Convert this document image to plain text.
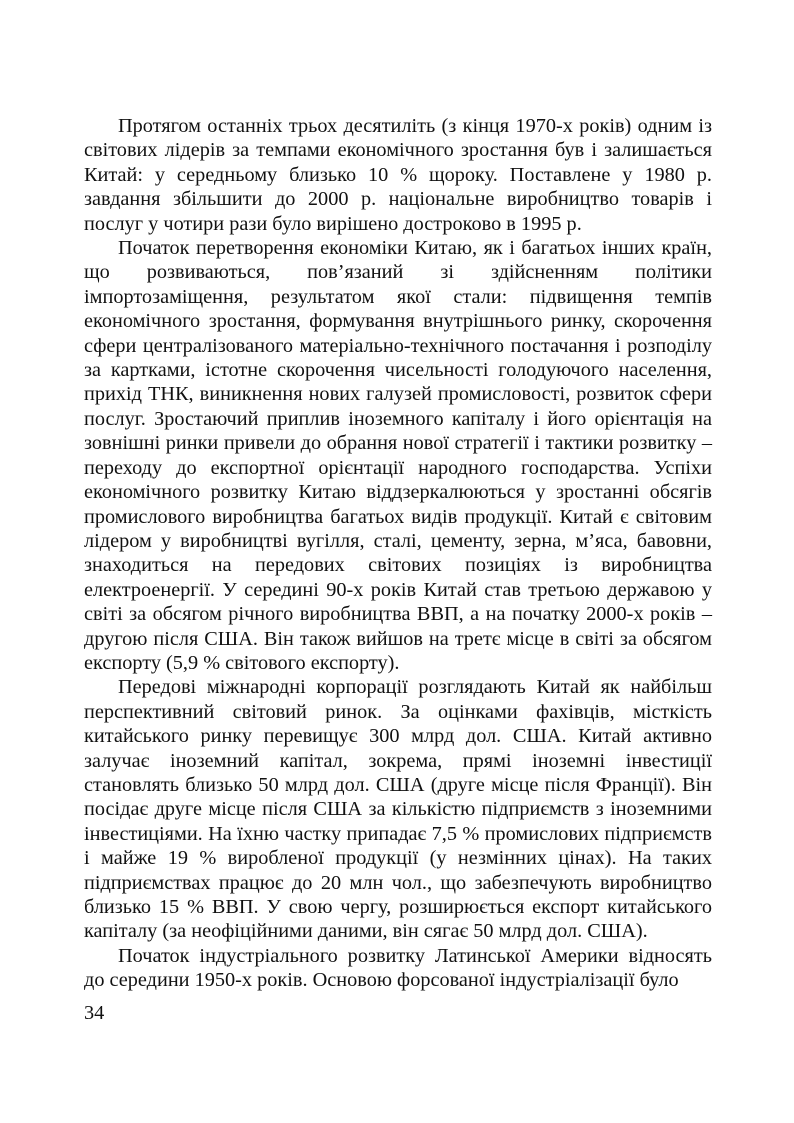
Протягом останніх трьох десятиліть (з кінця 1970-х років) одним із світових лідерів за темпами економічного зростання був і залишається Китай: у середньому близько 10 % щороку. Поставлене у 1980 р. завдання збільшити до 2000 р. національне виробництво товарів і послуг у чотири рази було вирішено достроково в 1995 р.

Початок перетворення економіки Китаю, як і багатьох інших країн, що розвиваються, пов’язаний зі здійсненням політики імпортозаміщення, результатом якої стали: підвищення темпів економічного зростання, формування внутрішнього ринку, скорочення сфери централізованого матеріально-технічного постачання і розподілу за картками, істотне скорочення чисельності голодуючого населення, прихід ТНК, виникнення нових галузей промисловості, розвиток сфери послуг. Зростаючий приплив іноземного капіталу і його орієнтація на зовнішні ринки привели до обрання нової стратегії і тактики розвитку – переходу до експортної орієнтації народного господарства. Успіхи економічного розвитку Китаю віддзеркалюються у зростанні обсягів промислового виробництва багатьох видів продукції. Китай є світовим лідером у виробництві вугілля, сталі, цементу, зерна, м’яса, бавовни, знаходиться на передових світових позиціях із виробництва електроенергії. У середині 90-х років Китай став третьою державою у світі за обсягом річного виробництва ВВП, а на початку 2000-х років – другою після США. Він також вийшов на третє місце в світі за обсягом експорту (5,9 % світового експорту).

Передові міжнародні корпорації розглядають Китай як найбільш перспективний світовий ринок. За оцінками фахівців, місткість китайського ринку перевищує 300 млрд дол. США. Китай активно залучає іноземний капітал, зокрема, прямі іноземні інвестиції становлять близько 50 млрд дол. США (друге місце після Франції). Він посідає друге місце після США за кількістю підприємств з іноземними інвестиціями. На їхню частку припадає 7,5 % промислових підприємств і майже 19 % виробленої продукції (у незмінних цінах). На таких підприємствах працює до 20 млн чол., що забезпечують виробництво близько 15 % ВВП. У свою чергу, розширюється експорт китайського капіталу (за неофіційними даними, він сягає 50 млрд дол. США).

Початок індустріального розвитку Латинської Америки відносять до середини 1950-х років. Основою форсованої індустріалізації було

34
